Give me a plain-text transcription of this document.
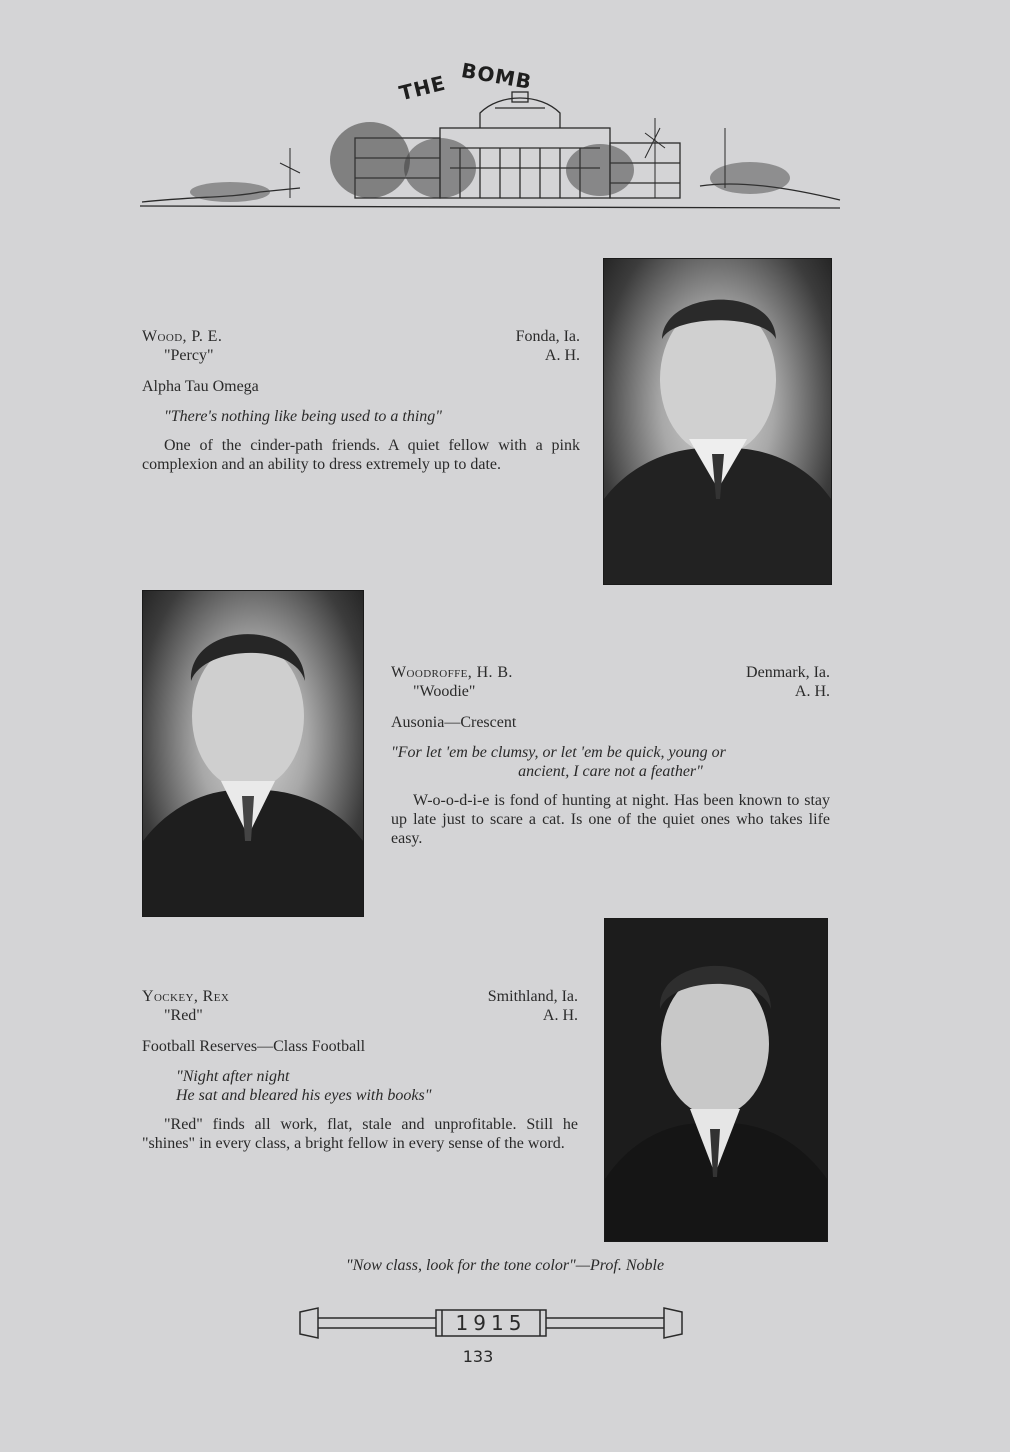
THE BOMB
Wood, P. E.	Fonda, Ia.
"Percy"	A. H.
Alpha Tau Omega
"There's nothing like being used to a thing"
One of the cinder-path friends. A quiet fellow with a pink complexion and an ability to dress extremely up to date.
Woodroffe, H. B.	Denmark, Ia.
"Woodie"	A. H.
Ausonia—Crescent
"For let 'em be clumsy, or let 'em be quick, young or
ancient, I care not a feather"
W-o-o-d-i-e is fond of hunting at night. Has been known to stay up late just to scare a cat. Is one of the quiet ones who takes life easy.
Yockey, Rex	Smithland, Ia.
"Red"	A. H.
Football Reserves—Class Football
"Night after night
He sat and bleared his eyes with books"
"Red" finds all work, flat, stale and unprofitable. Still he "shines" in every class, a bright fellow in every sense of the word.
"Now class, look for the tone color"—Prof. Noble
1915
133
